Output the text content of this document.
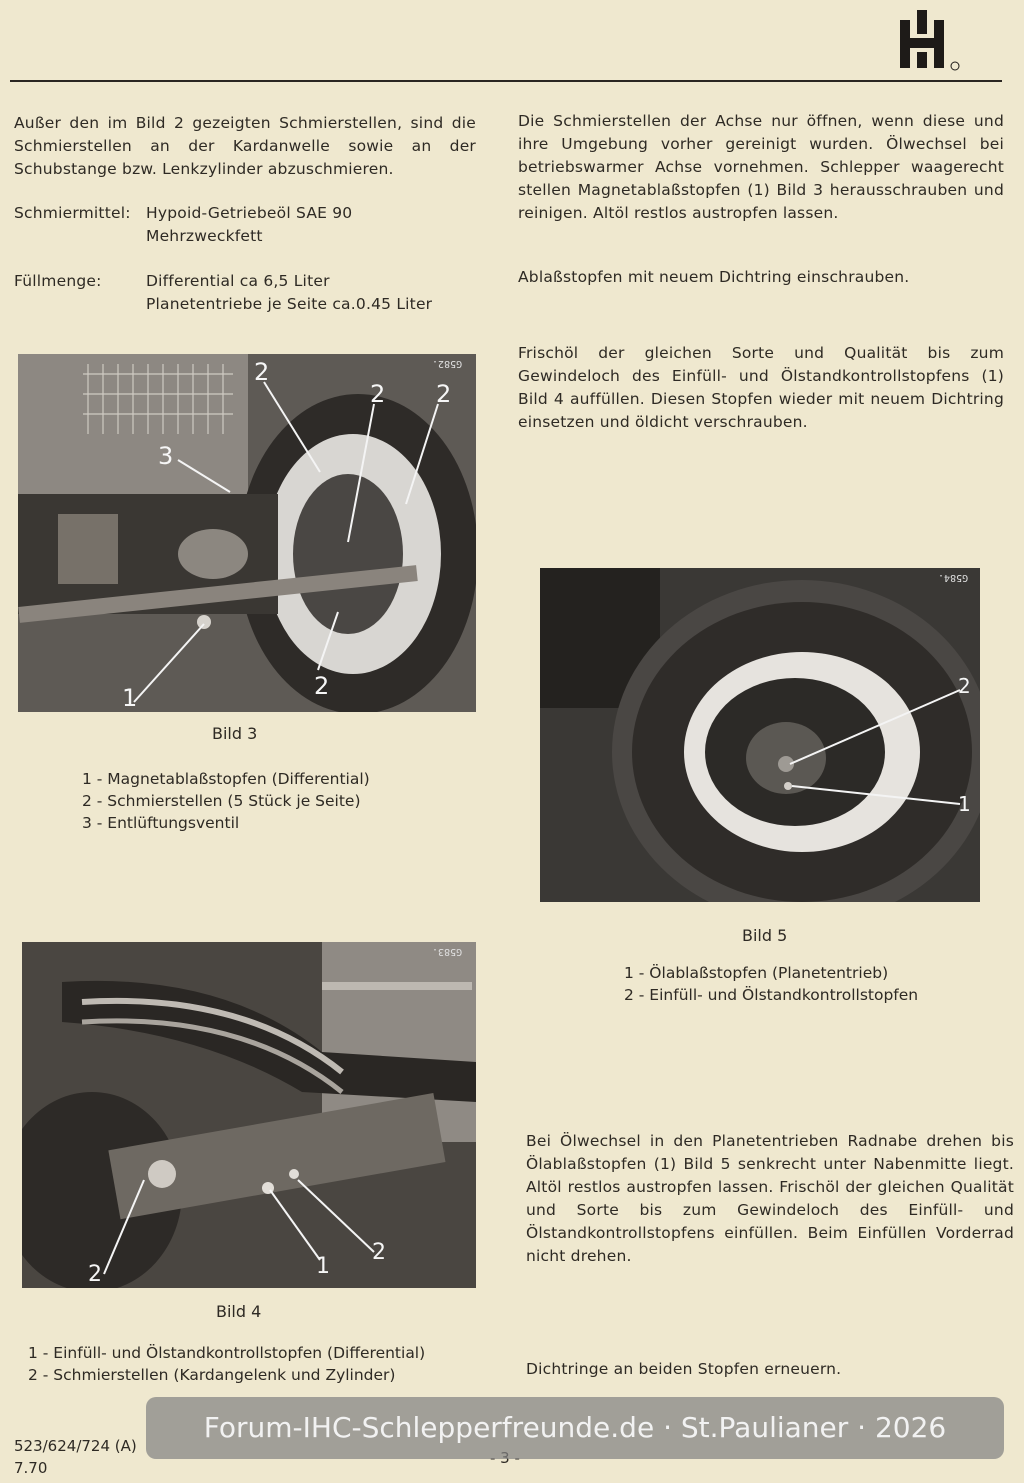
Außer den im Bild 2 gezeigten Schmierstellen, sind die Schmierstellen an der Kardanwelle sowie an der Schubstange bzw. Lenkzylinder abzuschmieren.
Schmiermittel: Hypoid-Getriebeöl SAE 90
Mehrzweckfett
Füllmenge:	Differential ca 6,5 Liter
Planetentriebe je Seite ca.0.45 Liter
2
2 2
2
3
1
G582.
Bild 3
1 - Magnetablaßstopfen (Differential)
2 - Schmierstellen (5 Stück je Seite)
3 - Entlüftungsventil
1
2
2
G583.
Bild 4
1 - Einfüll- und Ölstandkontrollstopfen (Differential)
2 - Schmierstellen (Kardangelenk und Zylinder)
Die Schmierstellen der Achse nur öffnen, wenn diese und ihre Umgebung vorher gereinigt wurden. Ölwechsel bei betriebswarmer Achse vornehmen. Schlepper waagerecht stellen Magnetablaßstopfen (1) Bild 3 herausschrauben und reinigen. Altöl restlos austropfen lassen.
Ablaßstopfen mit neuem Dichtring einschrauben.
Frischöl der gleichen Sorte und Qualität bis zum Gewindeloch des Einfüll- und Ölstandkontrollstopfens (1) Bild 4 auffüllen. Diesen Stopfen wieder mit neuem Dichtring einsetzen und öldicht verschrauben.
2
1
G584.
Bild 5
1 - Ölablaßstopfen (Planetentrieb)
2 - Einfüll- und Ölstandkontrollstopfen
Bei Ölwechsel in den Planetentrieben Radnabe drehen bis Ölablaßstopfen (1) Bild 5 senkrecht unter Nabenmitte liegt. Altöl restlos austropfen lassen. Frischöl der gleichen Qualität und Sorte bis zum Gewindeloch des Einfüll- und Ölstandkontrollstopfens einfüllen. Beim Einfüllen Vorderrad nicht drehen.
Dichtringe an beiden Stopfen erneuern.
523/624/724 (A)
7.70
Forum-IHC-Schlepperfreunde.de · St.Paulianer · 2026
